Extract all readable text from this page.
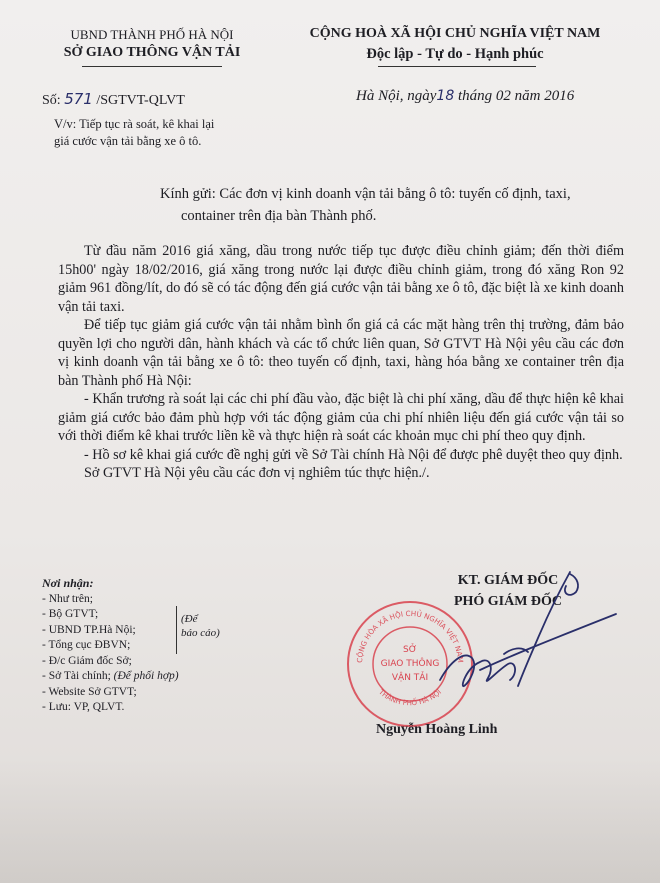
UBND THÀNH PHỐ HÀ NỘI
SỞ GIAO THÔNG VẬN TẢI
CỘNG HOÀ XÃ HỘI CHỦ NGHĨA VIỆT NAM
Độc lập - Tự do - Hạnh phúc
Số: 571 /SGTVT-QLVT
V/v: Tiếp tục rà soát, kê khai lại
giá cước vận tải bằng xe ô tô.
Hà Nội, ngày18 tháng 02 năm 2016
Kính gửi: Các đơn vị kinh doanh vận tải bằng ô tô: tuyến cố định, taxi,
container trên địa bàn Thành phố.

Từ đầu năm 2016 giá xăng, dầu trong nước tiếp tục được điều chỉnh giảm; đến thời điểm 15h00' ngày 18/02/2016, giá xăng trong nước lại được điều chỉnh giảm, trong đó xăng Ron 92 giảm 961 đồng/lít, do đó sẽ có tác động đến giá cước vận tải bằng xe ô tô, đặc biệt là xe kinh doanh vận tải taxi.

Để tiếp tục giảm giá cước vận tải nhằm bình ổn giá cả các mặt hàng trên thị trường, đảm bảo quyền lợi cho người dân, hành khách và các tổ chức liên quan, Sở GTVT Hà Nội yêu cầu các đơn vị kinh doanh vận tải bằng xe ô tô: theo tuyến cố định, taxi, hàng hóa bằng xe container trên địa bàn Thành phố Hà Nội:

- Khẩn trương rà soát lại các chi phí đầu vào, đặc biệt là chi phí xăng, dầu để thực hiện kê khai giảm giá cước bảo đảm phù hợp với tác động giảm của chi phí nhiên liệu đến giá cước vận tải so với thời điểm kê khai trước liền kề và thực hiện rà soát các khoản mục chi phí theo quy định.

- Hồ sơ kê khai giá cước đề nghị gửi về Sở Tài chính Hà Nội để được phê duyệt theo quy định.

Sở GTVT Hà Nội yêu cầu các đơn vị nghiêm túc thực hiện./.

Nơi nhận:
- Như trên;
- Bộ GTVT;
- UBND TP.Hà Nội;
- Tổng cục ĐBVN;
- Đ/c Giám đốc Sở;
- Sở Tài chính; (Để phối hợp)
- Website Sở GTVT;
- Lưu: VP, QLVT.
(Để
báo cáo)
CỘNG HÒA XÃ HỘI CHỦ NGHĨA VIỆT NAM
THÀNH PHỐ HÀ NỘI
SỞ
GIAO THÔNG
VẬN TẢI
KT. GIÁM ĐỐC
PHÓ GIÁM ĐỐC
Nguyễn Hoàng Linh
